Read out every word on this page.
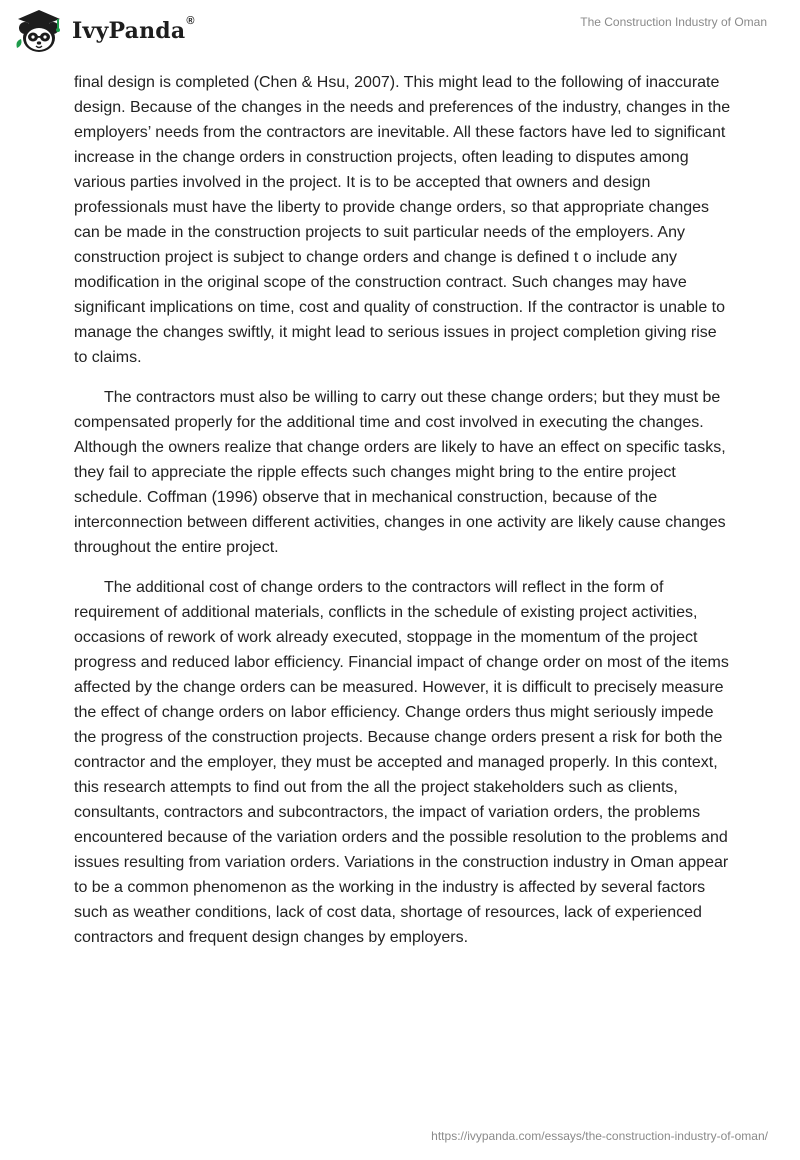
IvyPanda®	The Construction Industry of Oman

final design is completed (Chen & Hsu, 2007). This might lead to the following of inaccurate design. Because of the changes in the needs and preferences of the industry, changes in the employers’ needs from the contractors are inevitable. All these factors have led to significant increase in the change orders in construction projects, often leading to disputes among various parties involved in the project. It is to be accepted that owners and design professionals must have the liberty to provide change orders, so that appropriate changes can be made in the construction projects to suit particular needs of the employers. Any construction project is subject to change orders and change is defined t o include any modification in the original scope of the construction contract. Such changes may have significant implications on time, cost and quality of construction. If the contractor is unable to manage the changes swiftly, it might lead to serious issues in project completion giving rise to claims.

The contractors must also be willing to carry out these change orders; but they must be compensated properly for the additional time and cost involved in executing the changes. Although the owners realize that change orders are likely to have an effect on specific tasks, they fail to appreciate the ripple effects such changes might bring to the entire project schedule. Coffman (1996) observe that in mechanical construction, because of the interconnection between different activities, changes in one activity are likely cause changes throughout the entire project.

The additional cost of change orders to the contractors will reflect in the form of requirement of additional materials, conflicts in the schedule of existing project activities, occasions of rework of work already executed, stoppage in the momentum of the project progress and reduced labor efficiency. Financial impact of change order on most of the items affected by the change orders can be measured. However, it is difficult to precisely measure the effect of change orders on labor efficiency. Change orders thus might seriously impede the progress of the construction projects. Because change orders present a risk for both the contractor and the employer, they must be accepted and managed properly. In this context, this research attempts to find out from the all the project stakeholders such as clients, consultants, contractors and subcontractors, the impact of variation orders, the problems encountered because of the variation orders and the possible resolution to the problems and issues resulting from variation orders. Variations in the construction industry in Oman appear to be a common phenomenon as the working in the industry is affected by several factors such as weather conditions, lack of cost data, shortage of resources, lack of experienced contractors and frequent design changes by employers.

https://ivypanda.com/essays/the-construction-industry-of-oman/
